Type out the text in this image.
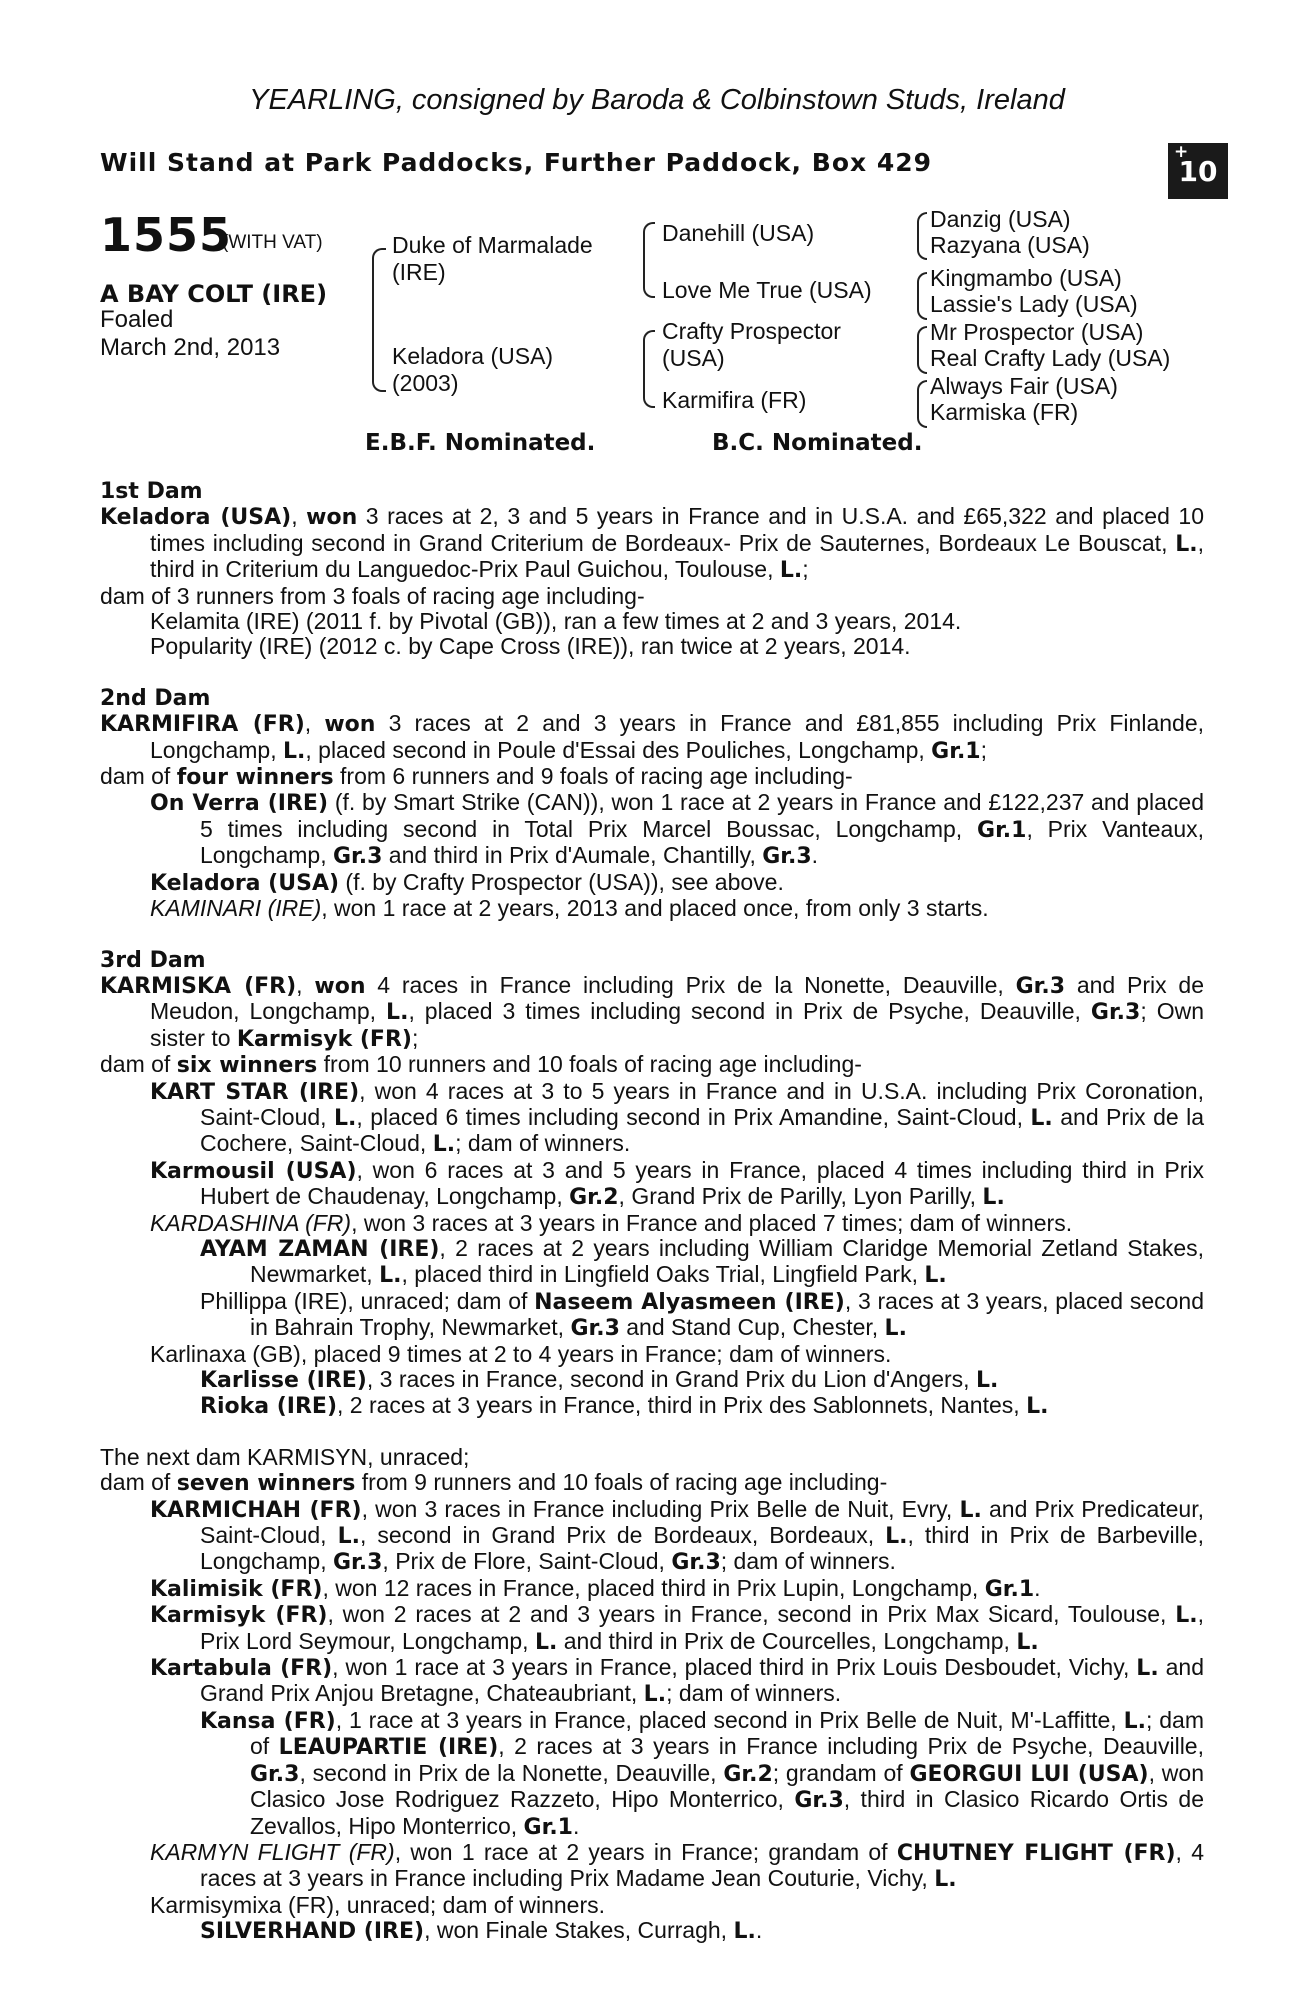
YEARLING, consigned by Baroda & Colbinstown Studs, Ireland
Will Stand at Park Paddocks, Further Paddock, Box 429	+
10
1555
(WITH VAT)
A BAY COLT (IRE)
Foaled
March 2nd, 2013
Duke of Marmalade (IRE)
Keladora (USA) (2003)
Danehill (USA)
Love Me True (USA)
Crafty Prospector (USA)
Karmifira (FR)
Danzig (USA)
Razyana (USA)
Kingmambo (USA)
Lassie's Lady (USA)
Mr Prospector (USA)
Real Crafty Lady (USA)
Always Fair (USA)
Karmiska (FR)
E.B.F. Nominated.	B.C. Nominated.

1st Dam

Keladora (USA), won 3 races at 2, 3 and 5 years in France and in U.S.A. and £65,322 and placed 10 times including second in Grand Criterium de Bordeaux- Prix de Sauternes, Bordeaux Le Bouscat, L., third in Criterium du Languedoc-Prix Paul Guichou, Toulouse, L.;

dam of 3 runners from 3 foals of racing age including-

Kelamita (IRE) (2011 f. by Pivotal (GB)), ran a few times at 2 and 3 years, 2014.

Popularity (IRE) (2012 c. by Cape Cross (IRE)), ran twice at 2 years, 2014.

2nd Dam

KARMIFIRA (FR), won 3 races at 2 and 3 years in France and £81,855 including Prix Finlande, Longchamp, L., placed second in Poule d'Essai des Pouliches, Longchamp, Gr.1;

dam of four winners from 6 runners and 9 foals of racing age including-

On Verra (IRE) (f. by Smart Strike (CAN)), won 1 race at 2 years in France and £122,237 and placed 5 times including second in Total Prix Marcel Boussac, Longchamp, Gr.1, Prix Vanteaux, Longchamp, Gr.3 and third in Prix d'Aumale, Chantilly, Gr.3.

Keladora (USA) (f. by Crafty Prospector (USA)), see above.

KAMINARI (IRE), won 1 race at 2 years, 2013 and placed once, from only 3 starts.

3rd Dam

KARMISKA (FR), won 4 races in France including Prix de la Nonette, Deauville, Gr.3 and Prix de Meudon, Longchamp, L., placed 3 times including second in Prix de Psyche, Deauville, Gr.3; Own sister to Karmisyk (FR);

dam of six winners from 10 runners and 10 foals of racing age including-

KART STAR (IRE), won 4 races at 3 to 5 years in France and in U.S.A. including Prix Coronation, Saint-Cloud, L., placed 6 times including second in Prix Amandine, Saint-Cloud, L. and Prix de la Cochere, Saint-Cloud, L.; dam of winners.

Karmousil (USA), won 6 races at 3 and 5 years in France, placed 4 times including third in Prix Hubert de Chaudenay, Longchamp, Gr.2, Grand Prix de Parilly, Lyon Parilly, L.

KARDASHINA (FR), won 3 races at 3 years in France and placed 7 times; dam of winners.

AYAM ZAMAN (IRE), 2 races at 2 years including William Claridge Memorial Zetland Stakes, Newmarket, L., placed third in Lingfield Oaks Trial, Lingfield Park, L.

Phillippa (IRE), unraced; dam of Naseem Alyasmeen (IRE), 3 races at 3 years, placed second in Bahrain Trophy, Newmarket, Gr.3 and Stand Cup, Chester, L.

Karlinaxa (GB), placed 9 times at 2 to 4 years in France; dam of winners.

Karlisse (IRE), 3 races in France, second in Grand Prix du Lion d'Angers, L.

Rioka (IRE), 2 races at 3 years in France, third in Prix des Sablonnets, Nantes, L.

The next dam KARMISYN, unraced;

dam of seven winners from 9 runners and 10 foals of racing age including-

KARMICHAH (FR), won 3 races in France including Prix Belle de Nuit, Evry, L. and Prix Predicateur, Saint-Cloud, L., second in Grand Prix de Bordeaux, Bordeaux, L., third in Prix de Barbeville, Longchamp, Gr.3, Prix de Flore, Saint-Cloud, Gr.3; dam of winners.

Kalimisik (FR), won 12 races in France, placed third in Prix Lupin, Longchamp, Gr.1.

Karmisyk (FR), won 2 races at 2 and 3 years in France, second in Prix Max Sicard, Toulouse, L., Prix Lord Seymour, Longchamp, L. and third in Prix de Courcelles, Longchamp, L.

Kartabula (FR), won 1 race at 3 years in France, placed third in Prix Louis Desboudet, Vichy, L. and Grand Prix Anjou Bretagne, Chateaubriant, L.; dam of winners.

Kansa (FR), 1 race at 3 years in France, placed second in Prix Belle de Nuit, M'-Laffitte, L.; dam of LEAUPARTIE (IRE), 2 races at 3 years in France including Prix de Psyche, Deauville, Gr.3, second in Prix de la Nonette, Deauville, Gr.2; grandam of GEORGUI LUI (USA), won Clasico Jose Rodriguez Razzeto, Hipo Monterrico, Gr.3, third in Clasico Ricardo Ortis de Zevallos, Hipo Monterrico, Gr.1.

KARMYN FLIGHT (FR), won 1 race at 2 years in France; grandam of CHUTNEY FLIGHT (FR), 4 races at 3 years in France including Prix Madame Jean Couturie, Vichy, L.

Karmisymixa (FR), unraced; dam of winners.

SILVERHAND (IRE), won Finale Stakes, Curragh, L..
